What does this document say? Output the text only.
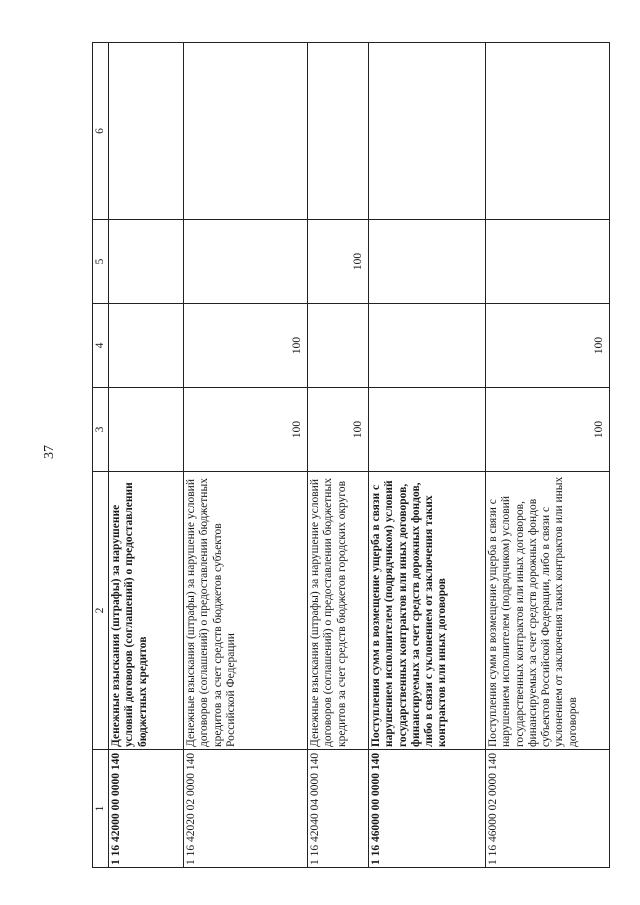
37
1	2	3	4	5	6
1 16 42000 00 0000 140	Денежные взыскания (штрафы) за нарушение условий договоров (соглашений) о предоставлении бюджетных кредитов				
1 16 42020 02 0000 140	Денежные взыскания (штрафы) за нарушение условий договоров (соглашений) о предоставлении бюджетных кредитов за счет средств бюджетов субъектов Российской Федерации	100	100		
1 16 42040 04 0000 140	Денежные взыскания (штрафы) за нарушение условий договоров (соглашений) о предоставлении бюджетных кредитов за счет средств бюджетов городских округов	100		100	
1 16 46000 00 0000 140	Поступления сумм в возмещение ущерба в связи с нарушением исполнителем (подрядчиком) условий государственных контрактов или иных договоров, финансируемых за счет средств дорожных фондов, либо в связи с уклонением от заключения таких контрактов или иных договоров				
1 16 46000 02 0000 140	Поступления сумм в возмещение ущерба в связи с нарушением исполнителем (подрядчиком) условий государственных контрактов или иных договоров, финансируемых за счет средств дорожных фондов субъектов Российской Федерации, либо в связи с уклонением от заключения таких контрактов или иных договоров	100	100		
